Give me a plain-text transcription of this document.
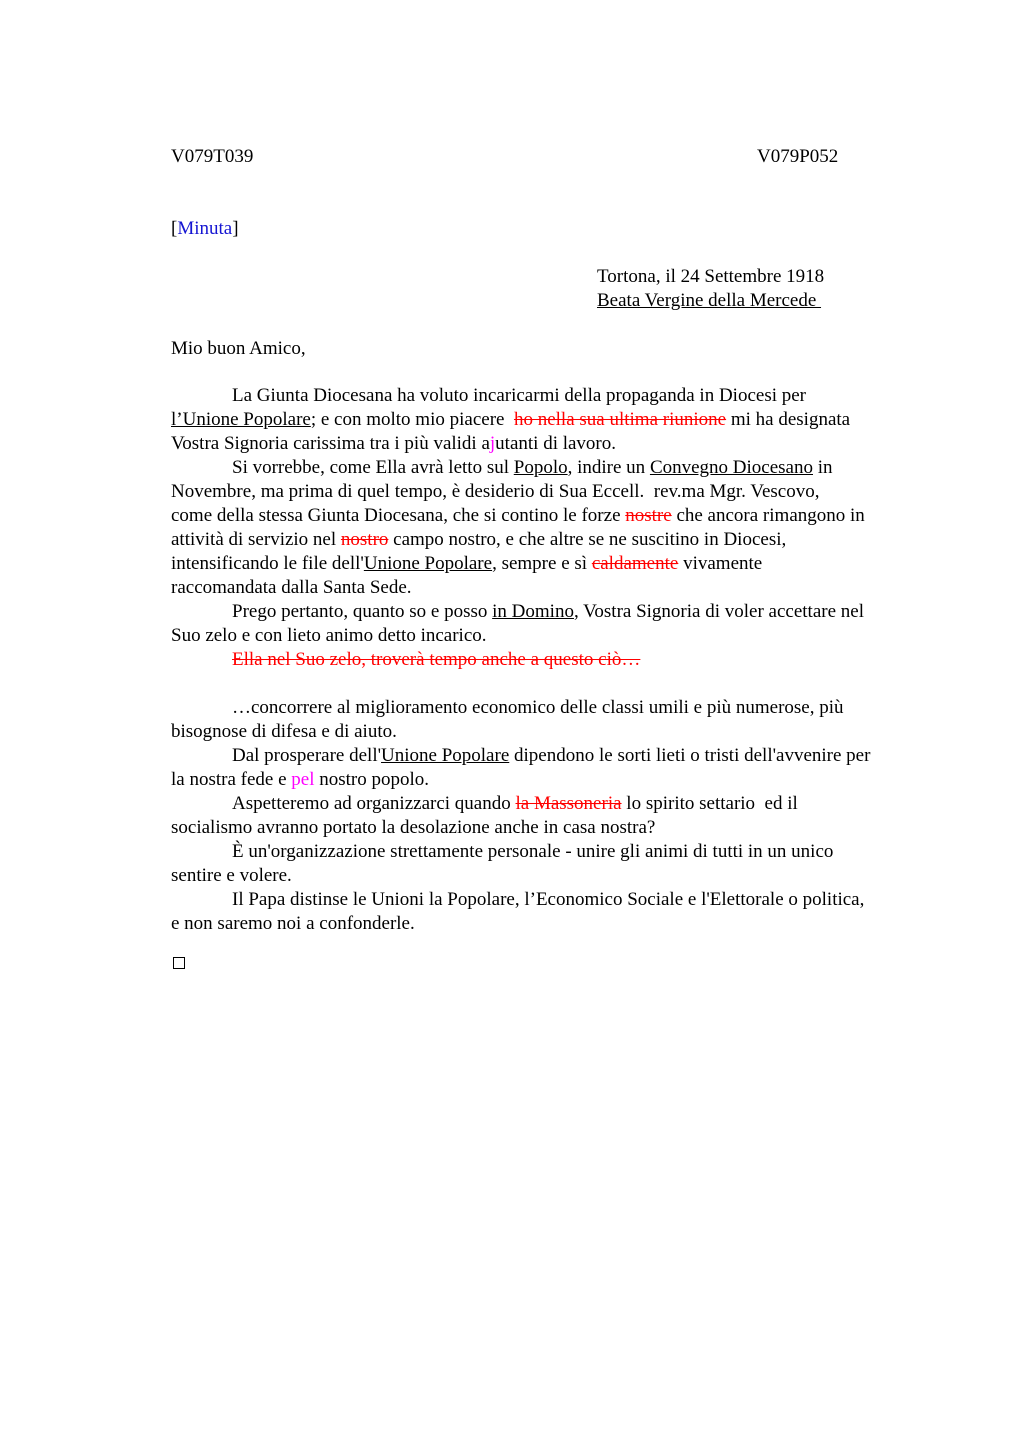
V079T039	V079P052
[Minuta]
Tortona, il 24 Settembre 1918
Beata Vergine della Mercede
Mio buon Amico,
La Giunta Diocesana ha voluto incaricarmi della propaganda in Diocesi per
l’Unione Popolare; e con molto mio piacere  ho nella sua ultima riunione mi ha designata
Vostra Signoria carissima tra i più validi ajutanti di lavoro.
Si vorrebbe, come Ella avrà letto sul Popolo, indire un Convegno Diocesano in
Novembre, ma prima di quel tempo, è desiderio di Sua Eccell.  rev.ma Mgr. Vescovo,
come della stessa Giunta Diocesana, che si contino le forze nostre che ancora rimangono in
attività di servizio nel nostro campo nostro, e che altre se ne suscitino in Diocesi,
intensificando le file dell'Unione Popolare, sempre e sì caldamente vivamente
raccomandata dalla Santa Sede.
Prego pertanto, quanto so e posso in Domino, Vostra Signoria di voler accettare nel
Suo zelo e con lieto animo detto incarico.
Ella nel Suo zelo, troverà tempo anche a questo ciò…
…concorrere al miglioramento economico delle classi umili e più numerose, più
bisognose di difesa e di aiuto.
Dal prosperare dell'Unione Popolare dipendono le sorti lieti o tristi dell'avvenire per
la nostra fede e pel nostro popolo.
Aspetteremo ad organizzarci quando la Massoneria lo spirito settario  ed il
socialismo avranno portato la desolazione anche in casa nostra?
È un'organizzazione strettamente personale - unire gli animi di tutti in un unico
sentire e volere.
Il Papa distinse le Unioni la Popolare, l’Economico Sociale e l'Elettorale o politica,
e non saremo noi a confonderle.
